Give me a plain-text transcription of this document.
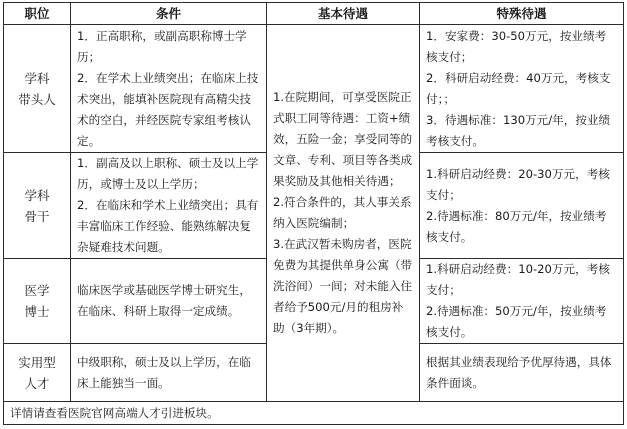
职位	条件	基本待遇	特殊待遇

学科
带头人	1．正高职称，或副高职称博士学历；
2．在学术上业绩突出；在临床上技术突出，能填补医院现有高精尖技术的空白，并经医院专家组考核认定。	1.在院期间，可享受医院正式职工同等待遇：工资+绩效，五险一金；享受同等的文章、专利、项目等各类成果奖励及其他相关待遇；
2.符合条件的，其人事关系纳入医院编制；
3.在武汉暂未购房者，医院免费为其提供单身公寓（带洗浴间）一间；对未能入住者给予500元/月的租房补助（3年期）。	1．安家费：30-50万元，按业绩考核支付；
2．科研启动经费：40万元，考核支付；；
3．待遇标准：130万元/年，按业绩考核支付。

学科
骨干	1．副高及以上职称、硕士及以上学历，或博士及以上学历；
2．在临床和学术上业绩突出；具有丰富临床工作经验、能熟练解决复杂疑难技术问题。		1.科研启动经费：20-30万元，考核支付；
2.待遇标准：80万元/年，按业绩考核支付。

医学
博士	临床医学或基础医学博士研究生，在临床、科研上取得一定成绩。		1.科研启动经费：10-20万元，考核支付；
2.待遇标准：50万元/年，按业绩考核支付。

实用型
人才	中级职称，硕士及以上学历，在临床上能独当一面。		根据其业绩表现给予优厚待遇，具体条件面谈。

详情请查看医院官网高端人才引进板块。			
